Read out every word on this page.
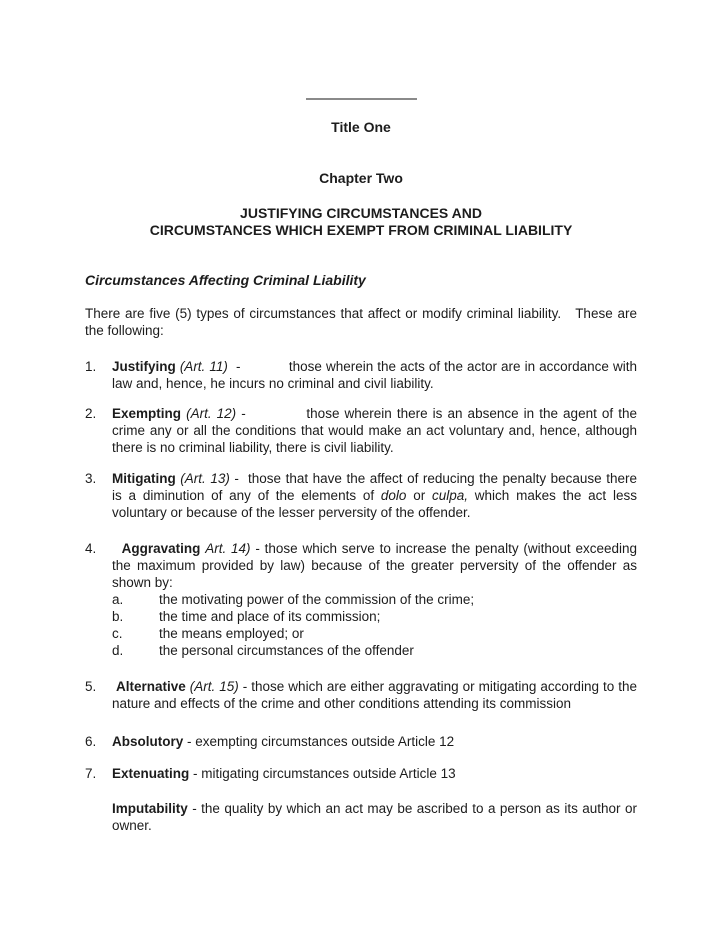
Title One
Chapter Two
JUSTIFYING CIRCUMSTANCES AND
CIRCUMSTANCES WHICH EXEMPT FROM CRIMINAL LIABILITY
Circumstances Affecting Criminal Liability

There are five (5) types of circumstances that affect or modify criminal liability.   These are the following:

1.	Justifying (Art. 11)  -            those wherein the acts of the actor are in accordance with law and, hence, he incurs no criminal and civil liability.
2.	Exempting (Art. 12) -            those wherein there is an absence in the agent of the crime any or all the conditions that would make an act voluntary and, hence, although there is no criminal liability, there is civil liability.
3.	Mitigating (Art. 13) -  those that have the affect of reducing the penalty because there is a diminution of any of the elements of dolo or culpa, which makes the act less voluntary or because of the lesser perversity of the offender.
4.	Aggravating Art. 14) - those which serve to increase the penalty (without exceeding the maximum provided by law) because of the greater perversity of the offender as shown by:
a.	the motivating power of the commission of the crime;
b.	the time and place of its commission;
c.	the means employed; or
d.	the personal circumstances of the offender
5.	Alternative (Art. 15) - those which are either aggravating or mitigating according to the nature and effects of the crime and other conditions attending its commission
6.	Absolutory - exempting circumstances outside Article 12
7.	Extenuating - mitigating circumstances outside Article 13

Imputability - the quality by which an act may be ascribed to a person as its author or owner.
